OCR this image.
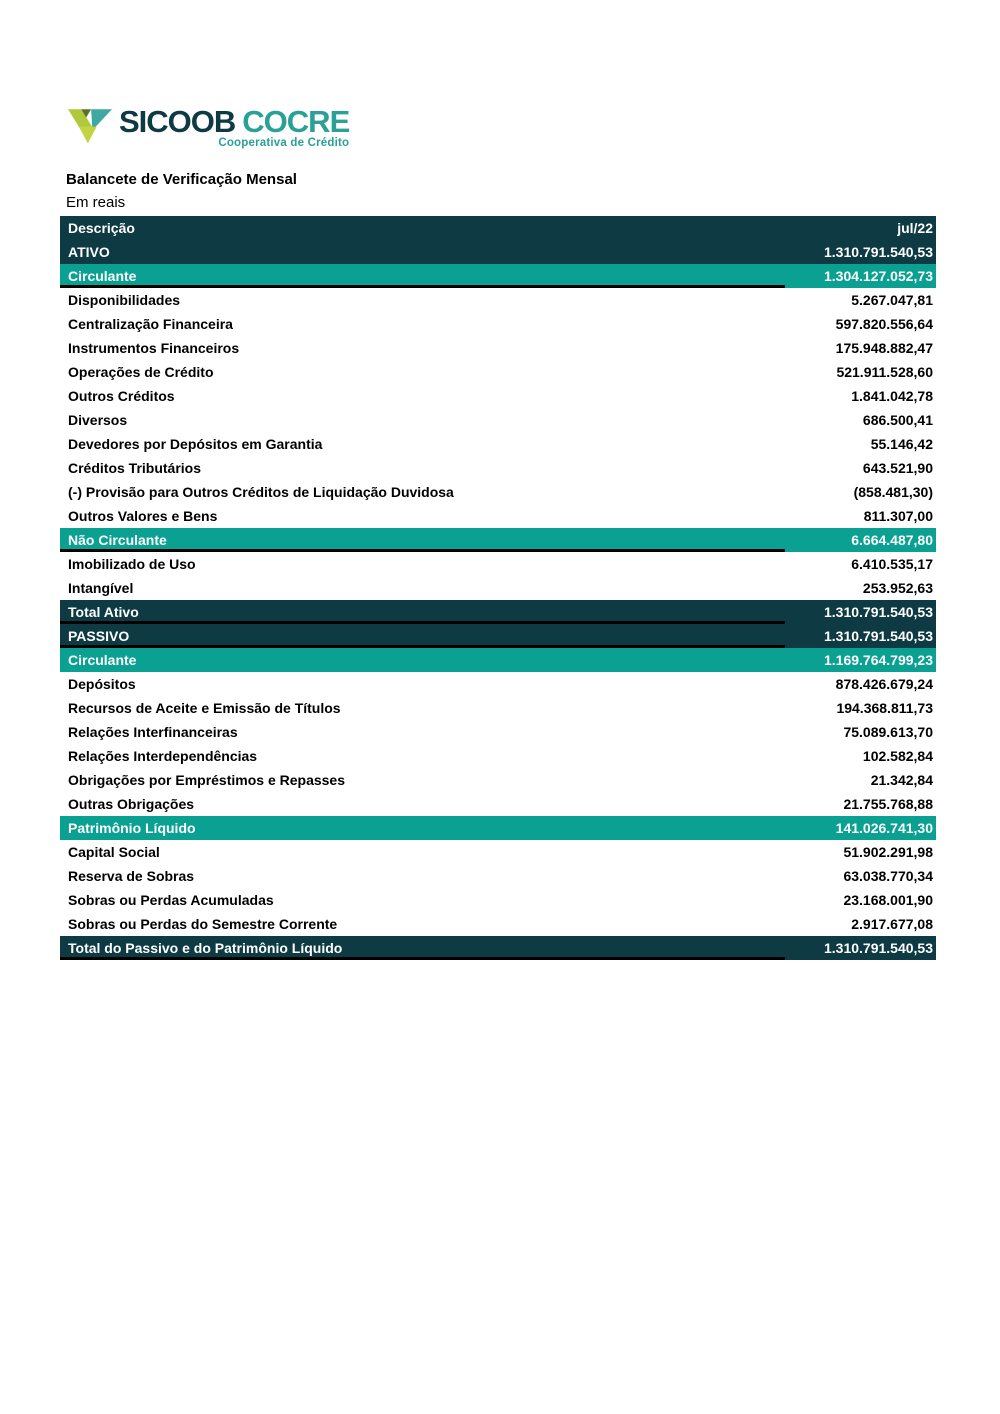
SICOOB COCRE
Cooperativa de Crédito
Balancete de Verificação Mensal
Em reais
Descrição	jul/22
ATIVO	1.310.791.540,53
Circulante	1.304.127.052,73
Disponibilidades	5.267.047,81
Centralização Financeira	597.820.556,64
Instrumentos Financeiros	175.948.882,47
Operações de Crédito	521.911.528,60
Outros Créditos	1.841.042,78
Diversos	686.500,41
Devedores por Depósitos em Garantia	55.146,42
Créditos Tributários	643.521,90
(-) Provisão para Outros Créditos de Liquidação Duvidosa	(858.481,30)
Outros Valores e Bens	811.307,00
Não Circulante	6.664.487,80
Imobilizado de Uso	6.410.535,17
Intangível	253.952,63
Total Ativo	1.310.791.540,53
PASSIVO	1.310.791.540,53
Circulante	1.169.764.799,23
Depósitos	878.426.679,24
Recursos de Aceite e Emissão de Títulos	194.368.811,73
Relações Interfinanceiras	75.089.613,70
Relações Interdependências	102.582,84
Obrigações por Empréstimos e Repasses	21.342,84
Outras Obrigações	21.755.768,88
Patrimônio Líquido	141.026.741,30
Capital Social	51.902.291,98
Reserva de Sobras	63.038.770,34
Sobras ou Perdas Acumuladas	23.168.001,90
Sobras ou Perdas do Semestre Corrente	2.917.677,08
Total do Passivo e do Patrimônio Líquido	1.310.791.540,53
